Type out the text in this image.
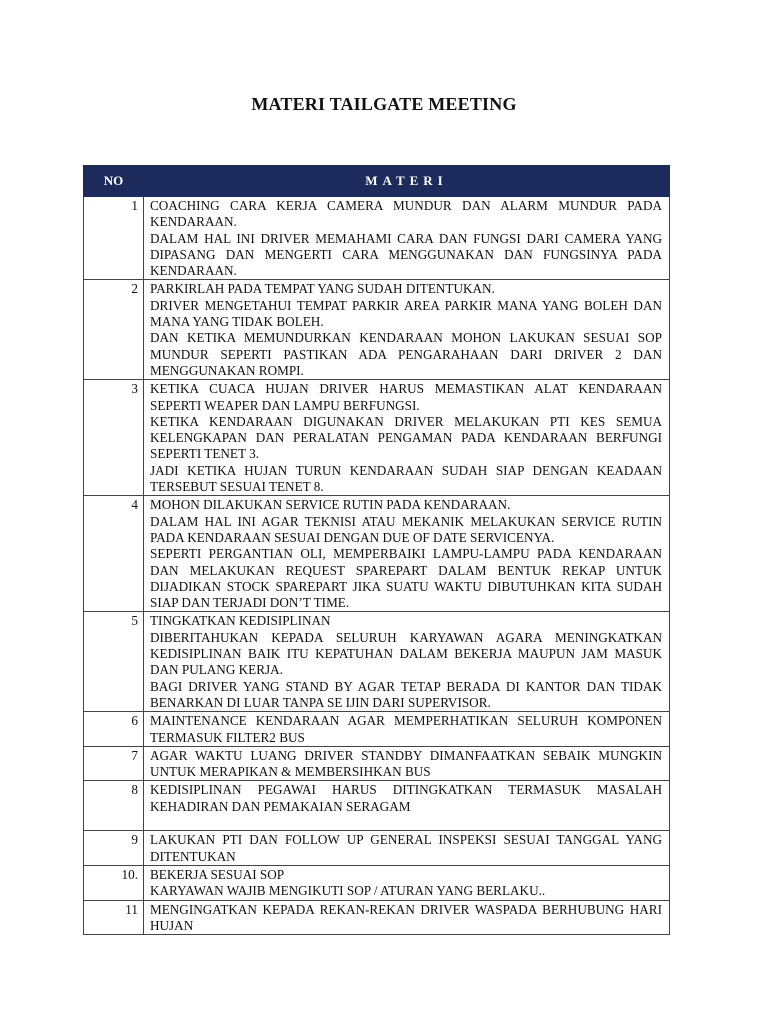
MATERI TAILGATE MEETING
NO	MATERI
1	COACHING CARA KERJA CAMERA MUNDUR DAN ALARM MUNDUR PADA KENDARAAN.
DALAM HAL INI DRIVER MEMAHAMI CARA DAN FUNGSI DARI CAMERA YANG DIPASANG DAN MENGERTI CARA MENGGUNAKAN DAN FUNGSINYA PADA KENDARAAN.

2	PARKIRLAH PADA TEMPAT YANG SUDAH DITENTUKAN.
DRIVER MENGETAHUI TEMPAT PARKIR AREA PARKIR MANA YANG BOLEH DAN MANA YANG TIDAK BOLEH.
DAN KETIKA MEMUNDURKAN KENDARAAN MOHON LAKUKAN SESUAI SOP MUNDUR SEPERTI PASTIKAN ADA PENGARAHAAN DARI DRIVER 2 DAN MENGGUNAKAN ROMPI.

3	KETIKA CUACA HUJAN DRIVER HARUS MEMASTIKAN ALAT KENDARAAN SEPERTI WEAPER DAN LAMPU BERFUNGSI.
KETIKA KENDARAAN DIGUNAKAN DRIVER MELAKUKAN PTI KES SEMUA KELENGKAPAN DAN PERALATAN PENGAMAN PADA KENDARAAN BERFUNGI SEPERTI TENET 3.
JADI KETIKA HUJAN TURUN KENDARAAN SUDAH SIAP DENGAN KEADAAN TERSEBUT SESUAI TENET 8.

4	MOHON DILAKUKAN SERVICE RUTIN PADA KENDARAAN.
DALAM HAL INI AGAR TEKNISI ATAU MEKANIK MELAKUKAN SERVICE RUTIN PADA KENDARAAN SESUAI DENGAN DUE OF DATE SERVICENYA.
SEPERTI PERGANTIAN OLI, MEMPERBAIKI LAMPU-LAMPU PADA KENDARAAN DAN MELAKUKAN REQUEST SPAREPART DALAM BENTUK REKAP UNTUK DIJADIKAN STOCK SPAREPART JIKA SUATU WAKTU DIBUTUHKAN KITA SUDAH SIAP DAN TERJADI DON’T TIME.

5	TINGKATKAN KEDISIPLINAN
DIBERITAHUKAN KEPADA SELURUH KARYAWAN AGARA MENINGKATKAN KEDISIPLINAN BAIK ITU KEPATUHAN DALAM BEKERJA MAUPUN JAM MASUK DAN PULANG KERJA.
BAGI DRIVER YANG STAND BY AGAR TETAP BERADA DI KANTOR DAN TIDAK BENARKAN DI LUAR TANPA SE IJIN DARI SUPERVISOR.

6	MAINTENANCE KENDARAAN AGAR MEMPERHATIKAN SELURUH KOMPONEN TERMASUK FILTER2 BUS

7	AGAR WAKTU LUANG DRIVER STANDBY DIMANFAATKAN SEBAIK MUNGKIN UNTUK MERAPIKAN & MEMBERSIHKAN BUS

8	KEDISIPLINAN PEGAWAI HARUS DITINGKATKAN TERMASUK MASALAH KEHADIRAN DAN PEMAKAIAN SERAGAM

9	LAKUKAN PTI DAN FOLLOW UP GENERAL INSPEKSI SESUAI TANGGAL YANG DITENTUKAN

10.	BEKERJA SESUAI SOP
KARYAWAN WAJIB MENGIKUTI SOP / ATURAN YANG BERLAKU..

11	MENGINGATKAN KEPADA REKAN-REKAN DRIVER WASPADA BERHUBUNG HARI HUJAN
